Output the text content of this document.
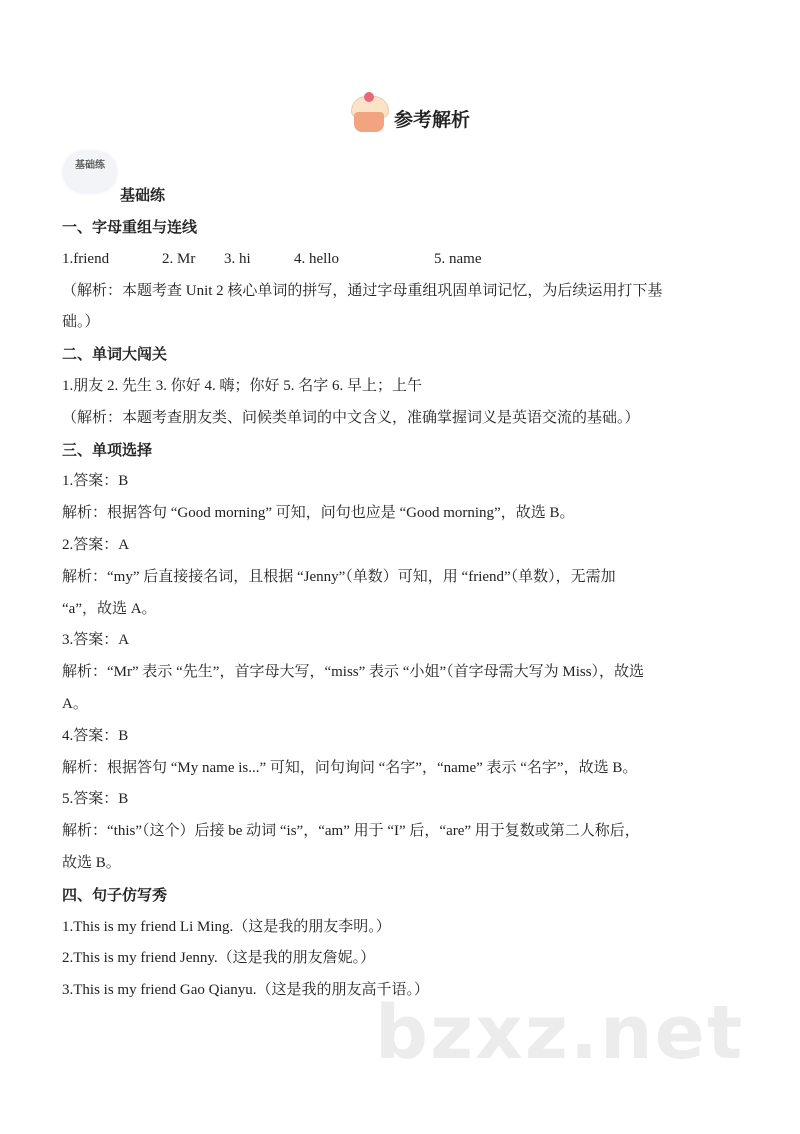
参考解析
基础练
基础练
一、字母重组与连线
1.friend	2. Mr 3. hi	4. hello	5. name
（解析：本题考查 Unit 2 核心单词的拼写，通过字母重组巩固单词记忆，为后续运用打下基
础。）
二、单词大闯关
1.朋友 2. 先生 3. 你好 4. 嗨；你好 5. 名字 6. 早上；上午
（解析：本题考查朋友类、问候类单词的中文含义，准确掌握词义是英语交流的基础。）
三、单项选择
1.答案：B
解析：根据答句 “Good morning” 可知，问句也应是 “Good morning”，故选 B。
2.答案：A
解析：“my” 后直接接名词，且根据 “Jenny”（单数）可知，用 “friend”（单数），无需加
“a”，故选 A。
3.答案：A
解析：“Mr” 表示 “先生”，首字母大写，“miss” 表示 “小姐”（首字母需大写为 Miss），故选
A。
4.答案：B
解析：根据答句 “My name is...” 可知，问句询问 “名字”，“name” 表示 “名字”，故选 B。
5.答案：B
解析：“this”（这个）后接 be 动词 “is”，“am” 用于 “I” 后，“are” 用于复数或第二人称后，
故选 B。
四、句子仿写秀
1.This is my friend Li Ming.（这是我的朋友李明。）
2.This is my friend Jenny.（这是我的朋友詹妮。）
3.This is my friend Gao Qianyu.（这是我的朋友高千语。）
bzxz.net
